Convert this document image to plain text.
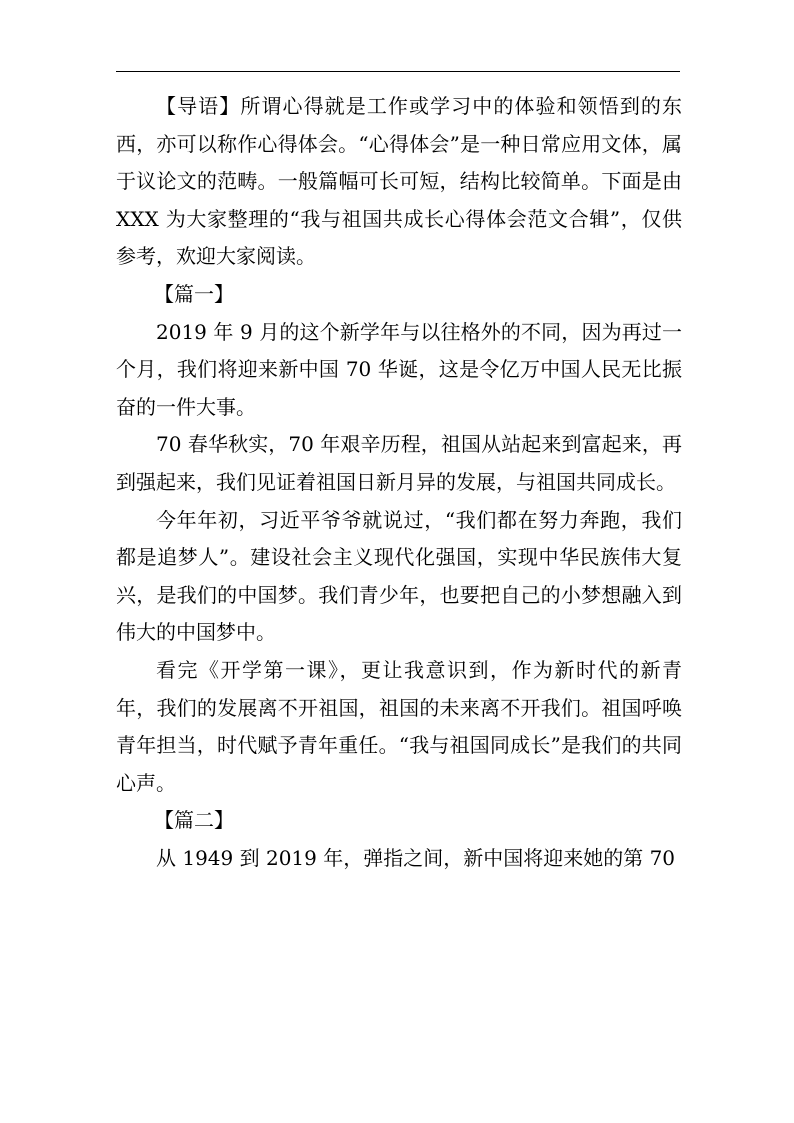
【导语】所谓心得就是工作或学习中的体验和领悟到的东西，亦可以称作心得体会。“心得体会”是一种日常应用文体，属于议论文的范畴。一般篇幅可长可短，结构比较简单。下面是由 XXX 为大家整理的“我与祖国共成长心得体会范文合辑”，仅供参考，欢迎大家阅读。

【篇一】

2019 年 9 月的这个新学年与以往格外的不同，因为再过一个月，我们将迎来新中国 70 华诞，这是令亿万中国人民无比振奋的一件大事。

70 春华秋实，70 年艰辛历程，祖国从站起来到富起来，再到强起来，我们见证着祖国日新月异的发展，与祖国共同成长。

今年年初，习近平爷爷就说过，“我们都在努力奔跑，我们都是追梦人”。建设社会主义现代化强国，实现中华民族伟大复兴，是我们的中国梦。我们青少年，也要把自己的小梦想融入到伟大的中国梦中。

看完《开学第一课》，更让我意识到，作为新时代的新青年，我们的发展离不开祖国，祖国的未来离不开我们。祖国呼唤青年担当，时代赋予青年重任。“我与祖国同成长”是我们的共同心声。

【篇二】

从 1949 到 2019 年，弹指之间，新中国将迎来她的第 70
